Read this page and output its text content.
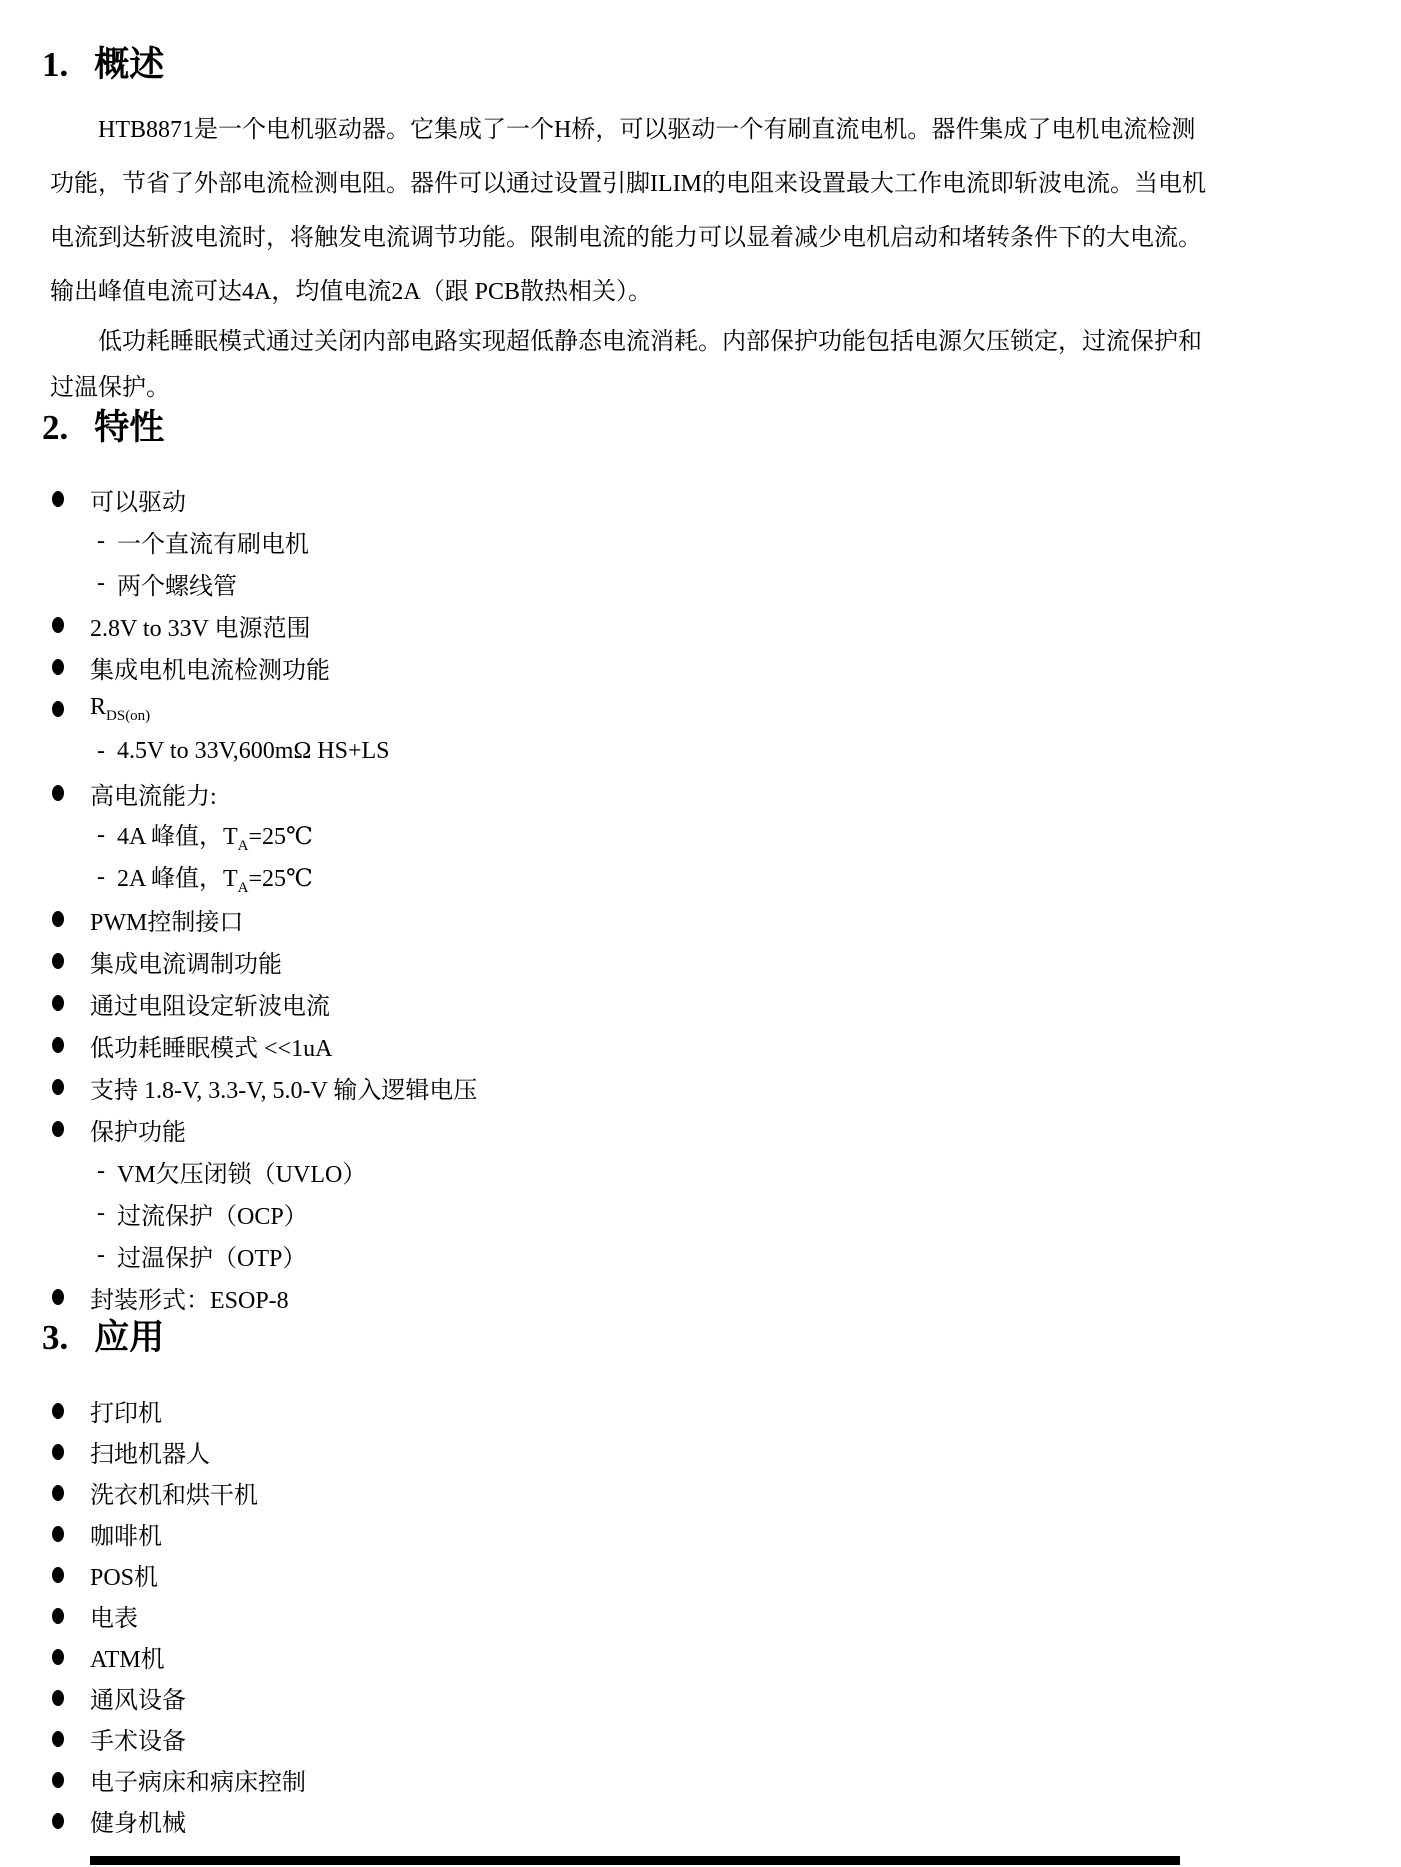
1. 概述
HTB8871是一个电机驱动器。它集成了一个H桥，可以驱动一个有刷直流电机。器件集成了电机电流检测
功能，节省了外部电流检测电阻。器件可以通过设置引脚ILIM的电阻来设置最大工作电流即斩波电流。当电机
电流到达斩波电流时，将触发电流调节功能。限制电流的能力可以显着减少电机启动和堵转条件下的大电流。
输出峰值电流可达4A，均值电流2A（跟 PCB散热相关）。
低功耗睡眠模式通过关闭内部电路实现超低静态电流消耗。内部保护功能包括电源欠压锁定，过流保护和
过温保护。
2. 特性
可以驱动
- 一个直流有刷电机
- 两个螺线管
2.8V to 33V 电源范围
集成电机电流检测功能
$R_{DS(on)}$
- 4.5V to 33V,600mΩ HS+LS
高电流能力:
- 4A 峰值，$T_A=25℃$
- 2A 峰值，$T_A=25℃$
PWM控制接口
集成电流调制功能
通过电阻设定斩波电流
低功耗睡眠模式 <<1uA
支持 1.8-V, 3.3-V, 5.0-V 输入逻辑电压
保护功能
- VM欠压闭锁（UVLO）
- 过流保护（OCP）
- 过温保护（OTP）
封装形式：ESOP-8
3. 应用
打印机
扫地机器人
洗衣机和烘干机
咖啡机
POS机
电表
ATM机
通风设备
手术设备
电子病床和病床控制
健身机械
